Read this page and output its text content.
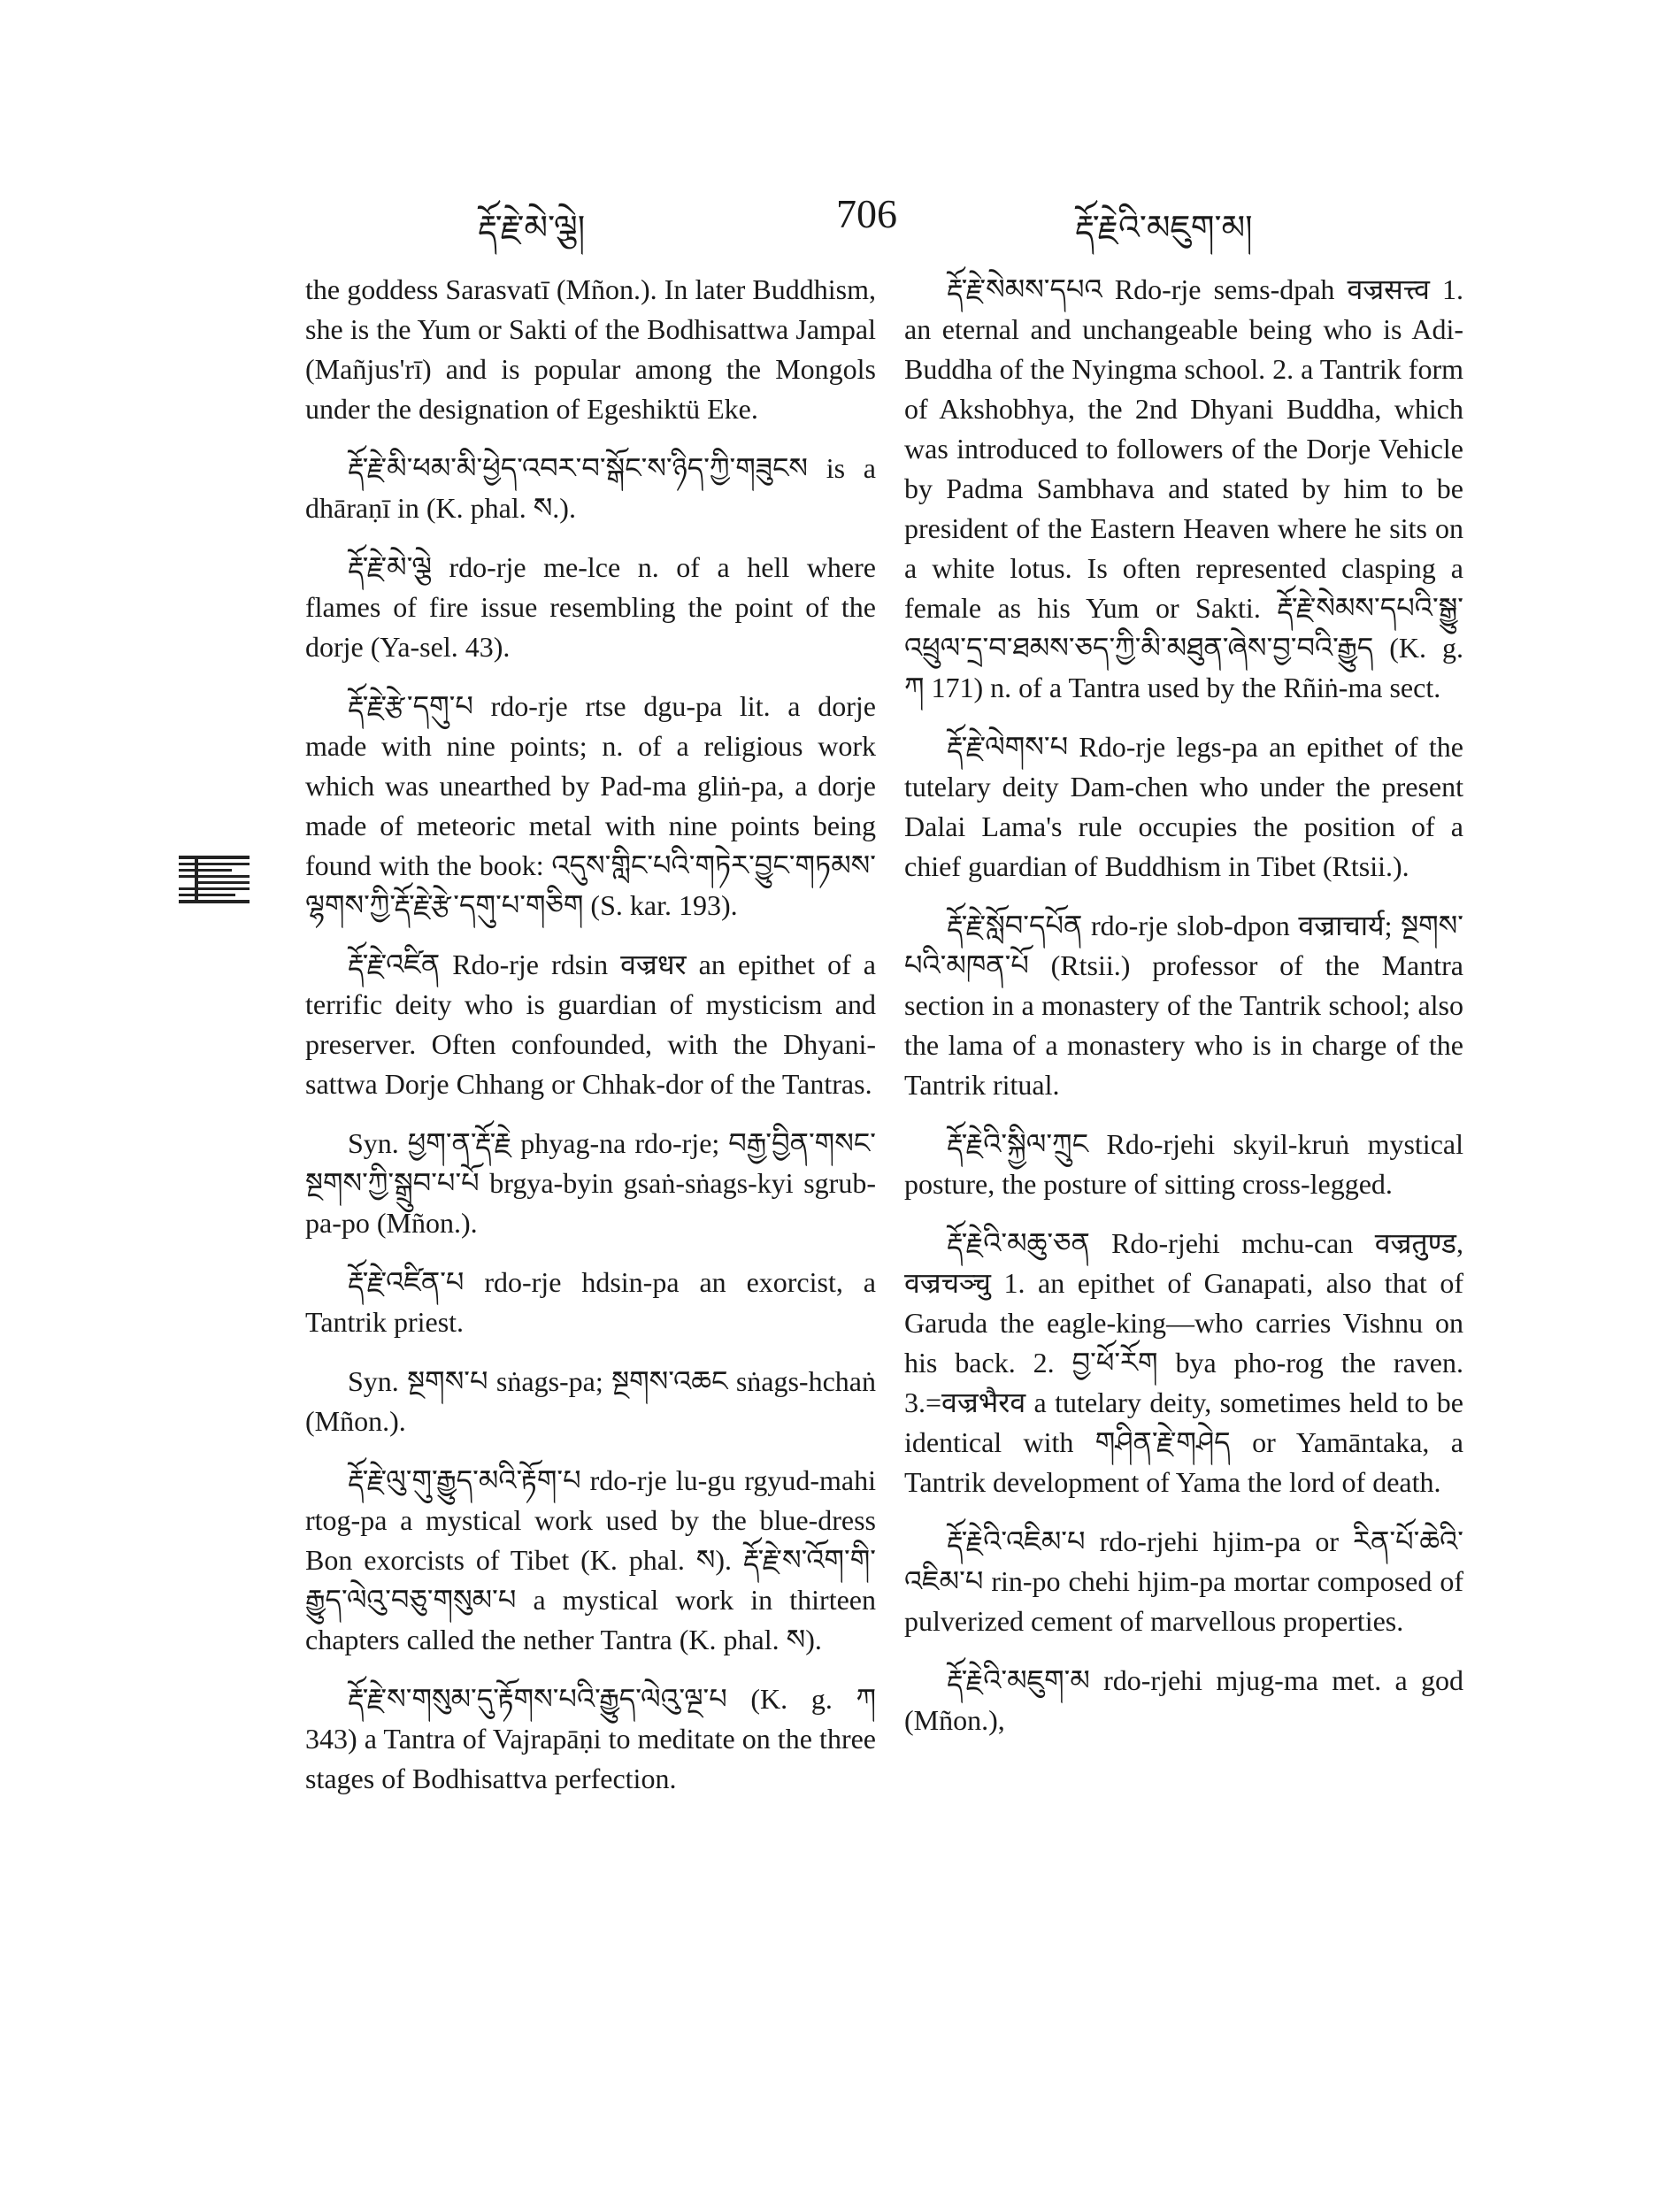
རྡོ་རྗེ་མེ་ལྕེ།	706	རྡོ་རྗེའི་མཇུག་མ།

the goddess Sarasvatī (Mñon.). In later Buddhism, she is the Yum or Sakti of the Bodhisattwa Jampal (Mañjus'rī) and is popular among the Mongols under the designation of Egeshiktü Eke.

རྡོ་རྗེ་མི་ཕམ་མི་ཕྱེད་འབར་བ་སྒོང་ས་ཉིད་ཀྱི་གཟུངས is a dhāraṇī in (K. phal. ས.).

རྡོ་རྗེ་མེ་ལྕེ rdo-rje me-lce n. of a hell where flames of fire issue resembling the point of the dorje (Ya-sel. 43).

རྡོ་རྗེ་རྩེ་དགུ་པ rdo-rje rtse dgu-pa lit. a dorje made with nine points; n. of a religious work which was unearthed by Pad-ma gliṅ-pa, a dorje made of meteoric metal with nine points being found with the book: འདུས་གླིང་པའི་གཏེར་བྱུང་གཏམས་ལྷགས་ཀྱི་རྡོ་རྗེ་རྩེ་དགུ་པ་གཅིག (S. kar. 193).

རྡོ་རྗེ་འཛིན Rdo-rje rdsin वज्रधर an epithet of a terrific deity who is guardian of mysticism and preserver. Often confounded, with the Dhyani-sattwa Dorje Chhang or Chhak-dor of the Tantras.

Syn. ཕྱག་ན་རྡོ་རྗེ phyag-na rdo-rje; བརྒྱ་བྱིན་གསང་སྔགས་ཀྱི་སྒྲུབ་པ་པོ brgya-byin gsaṅ-sṅags-kyi sgrub-pa-po (Mñon.).

རྡོ་རྗེ་འཛིན་པ rdo-rje hdsin-pa an exorcist, a Tantrik priest.

Syn. སྔགས་པ sṅags-pa; སྔགས་འཆང sṅags-hchaṅ (Mñon.).

རྡོ་རྗེ་ལུ་གུ་རྒྱུད་མའི་རྟོག་པ rdo-rje lu-gu rgyud-mahi rtog-pa a mystical work used by the blue-dress Bon exorcists of Tibet (K. phal. ས). རྡོ་རྗེ་ས་འོག་གི་རྒྱུད་ལེའུ་བཅུ་གསུམ་པ a mystical work in thirteen chapters called the nether Tantra (K. phal. ས).

རྡོ་རྗེ་ས་གསུམ་དུ་རྟོགས་པའི་རྒྱུད་ལེའུ་ལྔ་པ (K. g. ཀ 343) a Tantra of Vajrapāṇi to meditate on the three stages of Bodhisattva perfection.

རྡོ་རྗེ་སེམས་དཔའ Rdo-rje sems-dpah वज्रसत्त्व 1. an eternal and unchangeable being who is Adi-Buddha of the Nyingma school. 2. a Tantrik form of Akshobhya, the 2nd Dhyani Buddha, which was introduced to followers of the Dorje Vehicle by Padma Sambhava and stated by him to be president of the Eastern Heaven where he sits on a white lotus. Is often represented clasping a female as his Yum or Sakti. རྡོ་རྗེ་སེམས་དཔའི་སྒྱུ་འཕྲུལ་དྲ་བ་ཐམས་ཅད་ཀྱི་མི་མཐུན་ཞེས་བྱ་བའི་རྒྱུད (K. g. ཀ 171) n. of a Tantra used by the Rñiṅ-ma sect.

རྡོ་རྗེ་ལེགས་པ Rdo-rje legs-pa an epithet of the tutelary deity Dam-chen who under the present Dalai Lama's rule occupies the position of a chief guardian of Buddhism in Tibet (Rtsii.).

རྡོ་རྗེ་སློབ་དཔོན rdo-rje slob-dpon वज्राचार्य; སྔགས་པའི་མཁན་པོ (Rtsii.) professor of the Mantra section in a monastery of the Tantrik school; also the lama of a monastery who is in charge of the Tantrik ritual.

རྡོ་རྗེའི་སྐྱིལ་ཀྲུང Rdo-rjehi skyil-kruṅ mystical posture, the posture of sitting cross-legged.

རྡོ་རྗེའི་མཆུ་ཅན Rdo-rjehi mchu-can वज्रतुण्ड, वज्रचञ्चु 1. an epithet of Ganapati, also that of Garuda the eagle-king—who carries Vishnu on his back. 2. བྱ་ཕོ་རོག bya pho-rog the raven. 3.=वज्रभैरव a tutelary deity, sometimes held to be identical with གཤིན་རྗེ་གཤེད or Yamāntaka, a Tantrik development of Yama the lord of death.

རྡོ་རྗེའི་འཇིམ་པ rdo-rjehi hjim-pa or རིན་པོ་ཆེའི་འཇིམ་པ rin-po chehi hjim-pa mortar composed of pulverized cement of marvellous properties.

རྡོ་རྗེའི་མཇུག་མ rdo-rjehi mjug-ma met. a god (Mñon.),
